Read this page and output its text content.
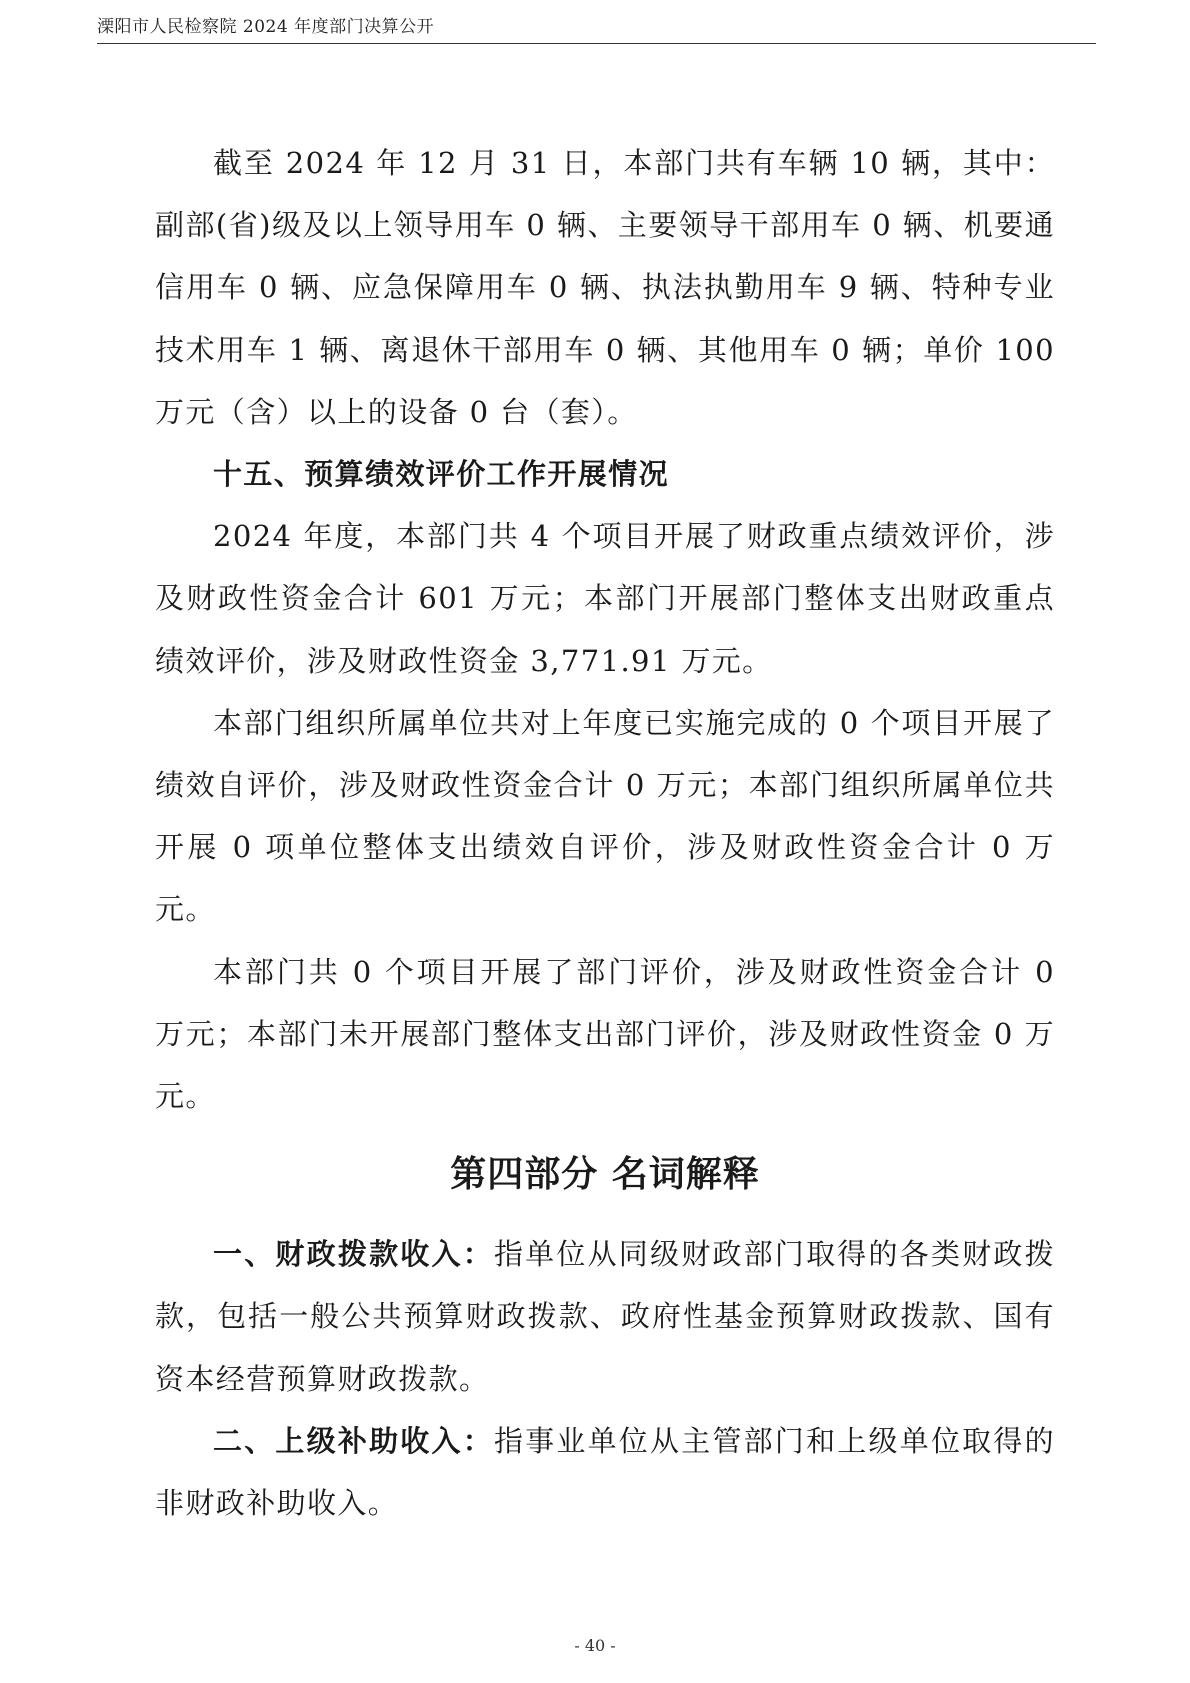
溧阳市人民检察院 2024 年度部门决算公开

截至 2024 年 12 月 31 日，本部门共有车辆 10 辆，其中：副部(省)级及以上领导用车 0 辆、主要领导干部用车 0 辆、机要通信用车 0 辆、应急保障用车 0 辆、执法执勤用车 9 辆、特种专业技术用车 1 辆、离退休干部用车 0 辆、其他用车 0 辆；单价 100 万元（含）以上的设备 0 台（套）。

十五、预算绩效评价工作开展情况

2024 年度，本部门共 4 个项目开展了财政重点绩效评价，涉及财政性资金合计 601 万元；本部门开展部门整体支出财政重点绩效评价，涉及财政性资金 3,771.91 万元。

本部门组织所属单位共对上年度已实施完成的 0 个项目开展了绩效自评价，涉及财政性资金合计 0 万元；本部门组织所属单位共开展 0 项单位整体支出绩效自评价，涉及财政性资金合计 0 万元。

本部门共 0 个项目开展了部门评价，涉及财政性资金合计 0 万元；本部门未开展部门整体支出部门评价，涉及财政性资金 0 万元。

第四部分 名词解释

一、财政拨款收入：指单位从同级财政部门取得的各类财政拨款，包括一般公共预算财政拨款、政府性基金预算财政拨款、国有资本经营预算财政拨款。

二、上级补助收入：指事业单位从主管部门和上级单位取得的非财政补助收入。

- 40 -
